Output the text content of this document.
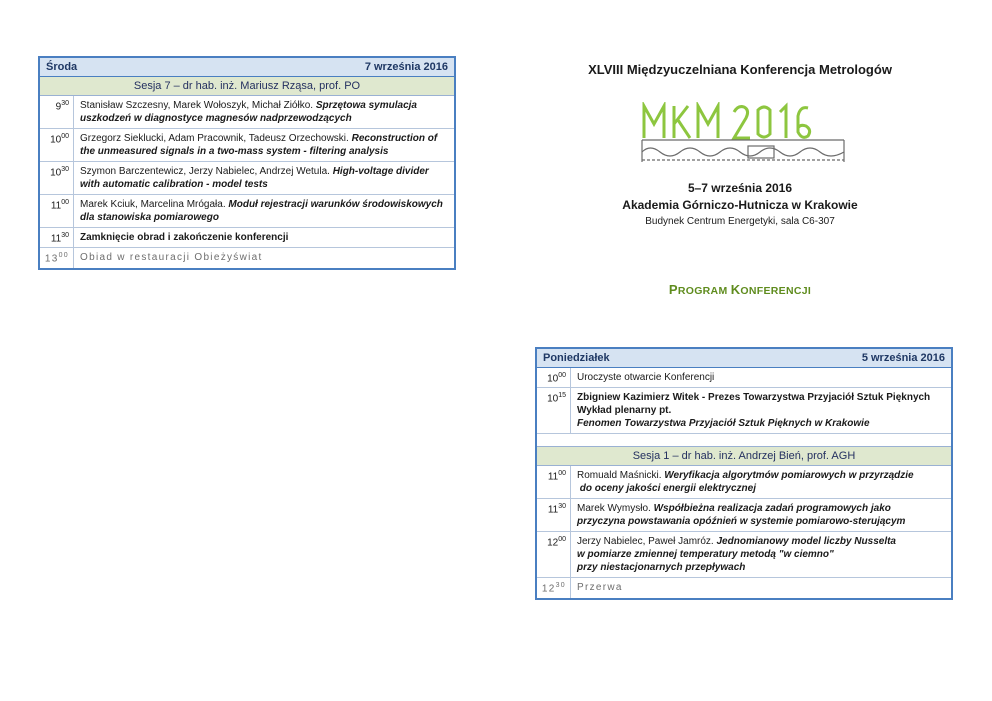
Środa	7 września 2016
Sesja 7 – dr hab. inż. Mariusz Rząsa, prof. PO
$9^{30}$	Stanisław Szczesny, Marek Wołoszyk, Michał Ziółko. Sprzętowa symulacja uszkodzeń w diagnostyce magnesów nadprzewodzących
$10^{00}$	Grzegorz Sieklucki, Adam Pracownik, Tadeusz Orzechowski. Reconstruction of the unmeasured signals in a two-mass system - filtering analysis
$10^{30}$	Szymon Barczentewicz, Jerzy Nabielec, Andrzej Wetula. High-voltage divider with automatic calibration - model tests
$11^{00}$	Marek Kciuk, Marcelina Mrógała. Moduł rejestracji warunków środowiskowych dla stanowiska pomiarowego
$11^{30}$	Zamknięcie obrad i zakończenie konferencji
$13^{00}$	Obiad w restauracji Obieżyświat
XLVIII Międzyuczelniana Konferencja Metrologów
5–7 września 2016
Akademia Górniczo-Hutnicza w Krakowie
Budynek Centrum Energetyki, sala C6-307
PROGRAM KONFERENCJI
Poniedziałek	5 września 2016
$10^{00}$	Uroczyste otwarcie Konferencji
$10^{15}$	Zbigniew Kazimierz Witek - Prezes Towarzystwa Przyjaciół Sztuk Pięknych
Wykład plenarny pt.
Fenomen Towarzystwa Przyjaciół Sztuk Pięknych w Krakowie
Sesja 1 – dr hab. inż. Andrzej Bień, prof. AGH
$11^{00}$	Romuald Maśnicki. Weryfikacja algorytmów pomiarowych w przyrządzie
do oceny jakości energii elektrycznej
$11^{30}$	Marek Wymysło. Współbieżna realizacja zadań programowych jako
przyczyna powstawania opóźnień w systemie pomiarowo-sterującym
$12^{00}$	Jerzy Nabielec, Paweł Jamróz. Jednomianowy model liczby Nusselta
w pomiarze zmiennej temperatury metodą "w ciemno"
przy niestacjonarnych przepływach
$12^{30}$	Przerwa
